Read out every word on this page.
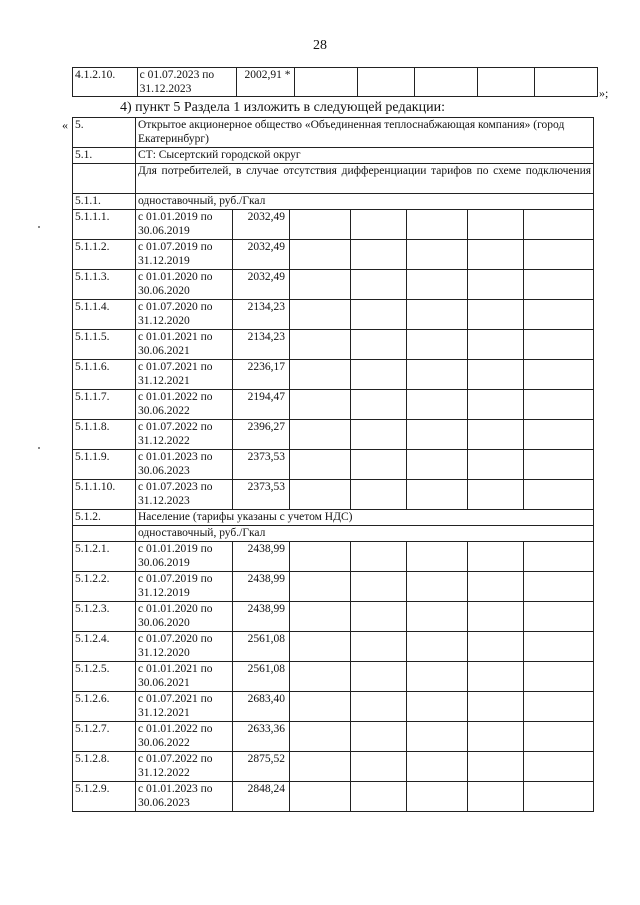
28
4.1.2.10.	с 01.07.2023 по 31.12.2023	2002,91 *					
»;
4) пункт 5 Раздела 1 изложить в следующей редакции:
« 5.	Открытое акционерное общество «Объединенная теплоснабжающая компания» (город Екатеринбург)						
5.1.	СТ: Сысертский городской округ						
	Для потребителей, в случае отсутствия дифференциации тарифов по схеме подключения						
5.1.1.	одноставочный, руб./Гкал						
5.1.1.1.	с 01.01.2019 по 30.06.2019	2032,49					
5.1.1.2.	с 01.07.2019 по 31.12.2019	2032,49					
5.1.1.3.	с 01.01.2020 по 30.06.2020	2032,49					
5.1.1.4.	с 01.07.2020 по 31.12.2020	2134,23					
5.1.1.5.	с 01.01.2021 по 30.06.2021	2134,23					
5.1.1.6.	с 01.07.2021 по 31.12.2021	2236,17					
5.1.1.7.	с 01.01.2022 по 30.06.2022	2194,47					
5.1.1.8.	с 01.07.2022 по 31.12.2022	2396,27					
5.1.1.9.	с 01.01.2023 по 30.06.2023	2373,53					
5.1.1.10.	с 01.07.2023 по 31.12.2023	2373,53					
5.1.2.	Население (тарифы указаны с учетом НДС)						
	одноставочный, руб./Гкал						
5.1.2.1.	с 01.01.2019 по 30.06.2019	2438,99					
5.1.2.2.	с 01.07.2019 по 31.12.2019	2438,99					
5.1.2.3.	с 01.01.2020 по 30.06.2020	2438,99					
5.1.2.4.	с 01.07.2020 по 31.12.2020	2561,08					
5.1.2.5.	с 01.01.2021 по 30.06.2021	2561,08					
5.1.2.6.	с 01.07.2021 по 31.12.2021	2683,40					
5.1.2.7.	с 01.01.2022 по 30.06.2022	2633,36					
5.1.2.8.	с 01.07.2022 по 31.12.2022	2875,52					
5.1.2.9.	с 01.01.2023 по 30.06.2023	2848,24					
